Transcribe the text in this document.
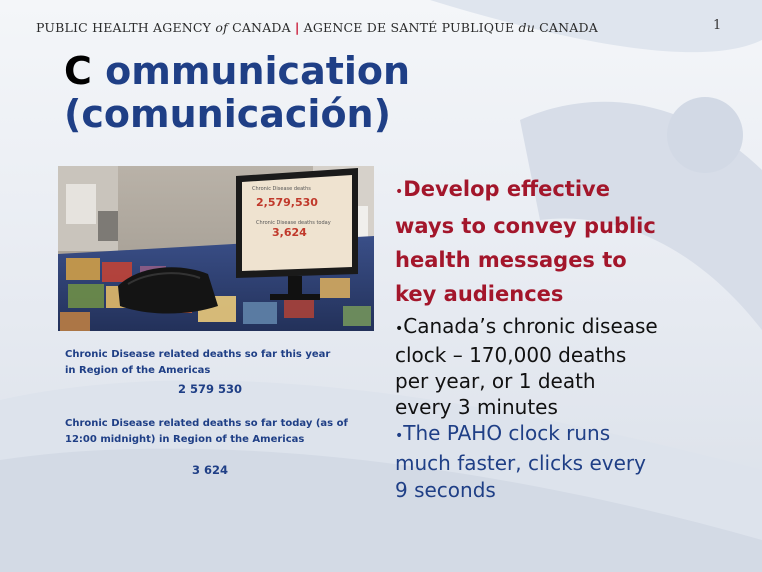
PUBLIC HEALTH AGENCY of CANADA | AGENCE DE SANTÉ PUBLIQUE du CANADA	1
C ommunication
(comunicación)
Chronic Disease deaths
2,579,530
Chronic Disease deaths today
3,624
Chronic Disease related deaths so far this year
in Region of the Americas
2 579 530
Chronic Disease related deaths so far today (as of
12:00 midnight) in Region of the Americas
3 624
•Develop effective
ways to convey public
health messages to
key audiences
•Canada’s chronic disease
clock – 170,000 deaths
per year, or 1 death
every 3 minutes
•The PAHO clock runs
much faster, clicks every
9 seconds
